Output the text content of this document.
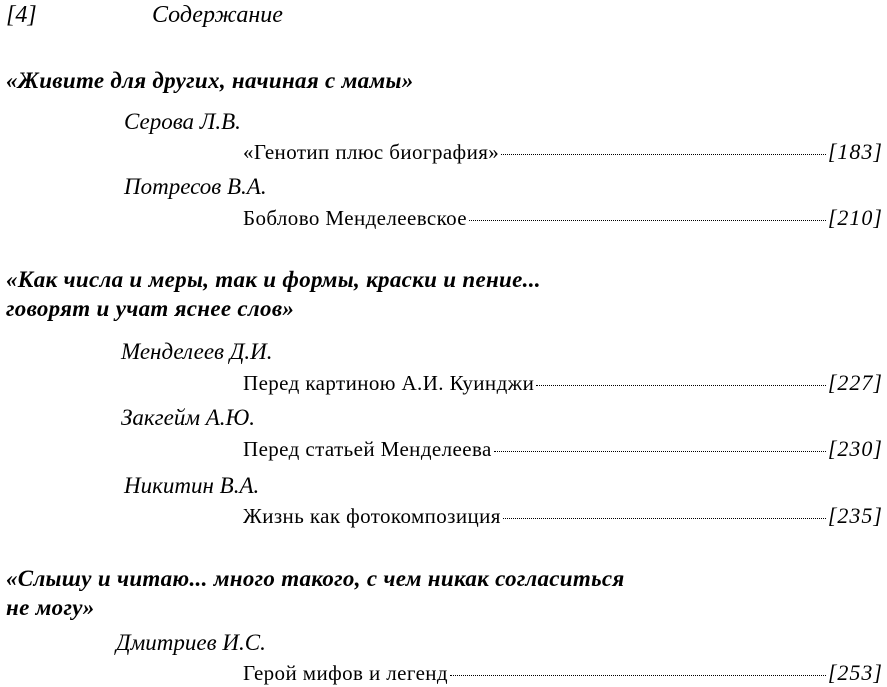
[4]	Содержание
«Живите для других, начиная с мамы»
Серова Л.В.
«Генотип плюс биография»	[183]
Потресов В.А.
Боблово Менделеевское	[210]
«Как числа и меры, так и формы, краски и пение...
говорят и учат яснее слов»
Менделеев Д.И.
Перед картиною А.И. Куинджи	[227]
Закгейм А.Ю.
Перед статьей Менделеева	[230]
Никитин В.А.
Жизнь как фотокомпозиция	[235]
«Слышу и читаю... много такого, с чем никак согласиться
не могу»
Дмитриев И.С.
Герой мифов и легенд	[253]
